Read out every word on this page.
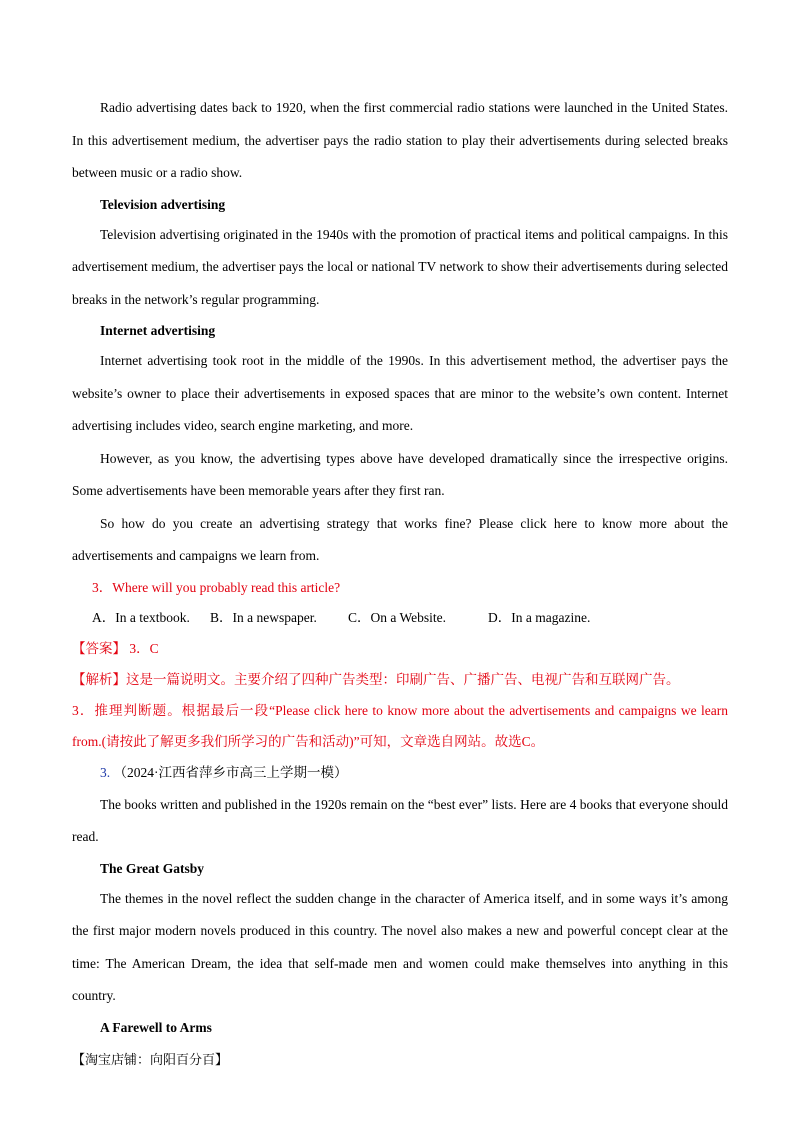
Radio advertising dates back to 1920, when the first commercial radio stations were launched in the United States. In this advertisement medium, the advertiser pays the radio station to play their advertisements during selected breaks between music or a radio show.

Television advertising

Television advertising originated in the 1940s with the promotion of practical items and political campaigns. In this advertisement medium, the advertiser pays the local or national TV network to show their advertisements during selected breaks in the network’s regular programming.

Internet advertising

Internet advertising took root in the middle of the 1990s. In this advertisement method, the advertiser pays the website’s owner to place their advertisements in exposed spaces that are minor to the website’s own content. Internet advertising includes video, search engine marketing, and more.

However, as you know, the advertising types above have developed dramatically since the irrespective origins. Some advertisements have been memorable years after they first ran.

So how do you create an advertising strategy that works fine? Please click here to know more about the advertisements and campaigns we learn from.

3．Where will you probably read this article?

A．In a textbook.	B．In a newspaper.	C．On a Website.	D．In a magazine.

【答案】 3．C

【解析】这是一篇说明文。主要介绍了四种广告类型：印刷广告、广播广告、电视广告和互联网广告。

3．推理判断题。根据最后一段“Please click here to know more about the advertisements and campaigns we learn from.(请按此了解更多我们所学习的广告和活动)”可知，文章选自网站。故选C。

3. （2024·江西省萍乡市高三上学期一模）

The books written and published in the 1920s remain on the “best ever” lists. Here are 4 books that everyone should read.

The Great Gatsby

The themes in the novel reflect the sudden change in the character of America itself, and in some ways it’s among the first major modern novels produced in this country. The novel also makes a new and powerful concept clear at the time: The American Dream, the idea that self-made men and women could make themselves into anything in this country.

A Farewell to Arms

【淘宝店铺：向阳百分百】
